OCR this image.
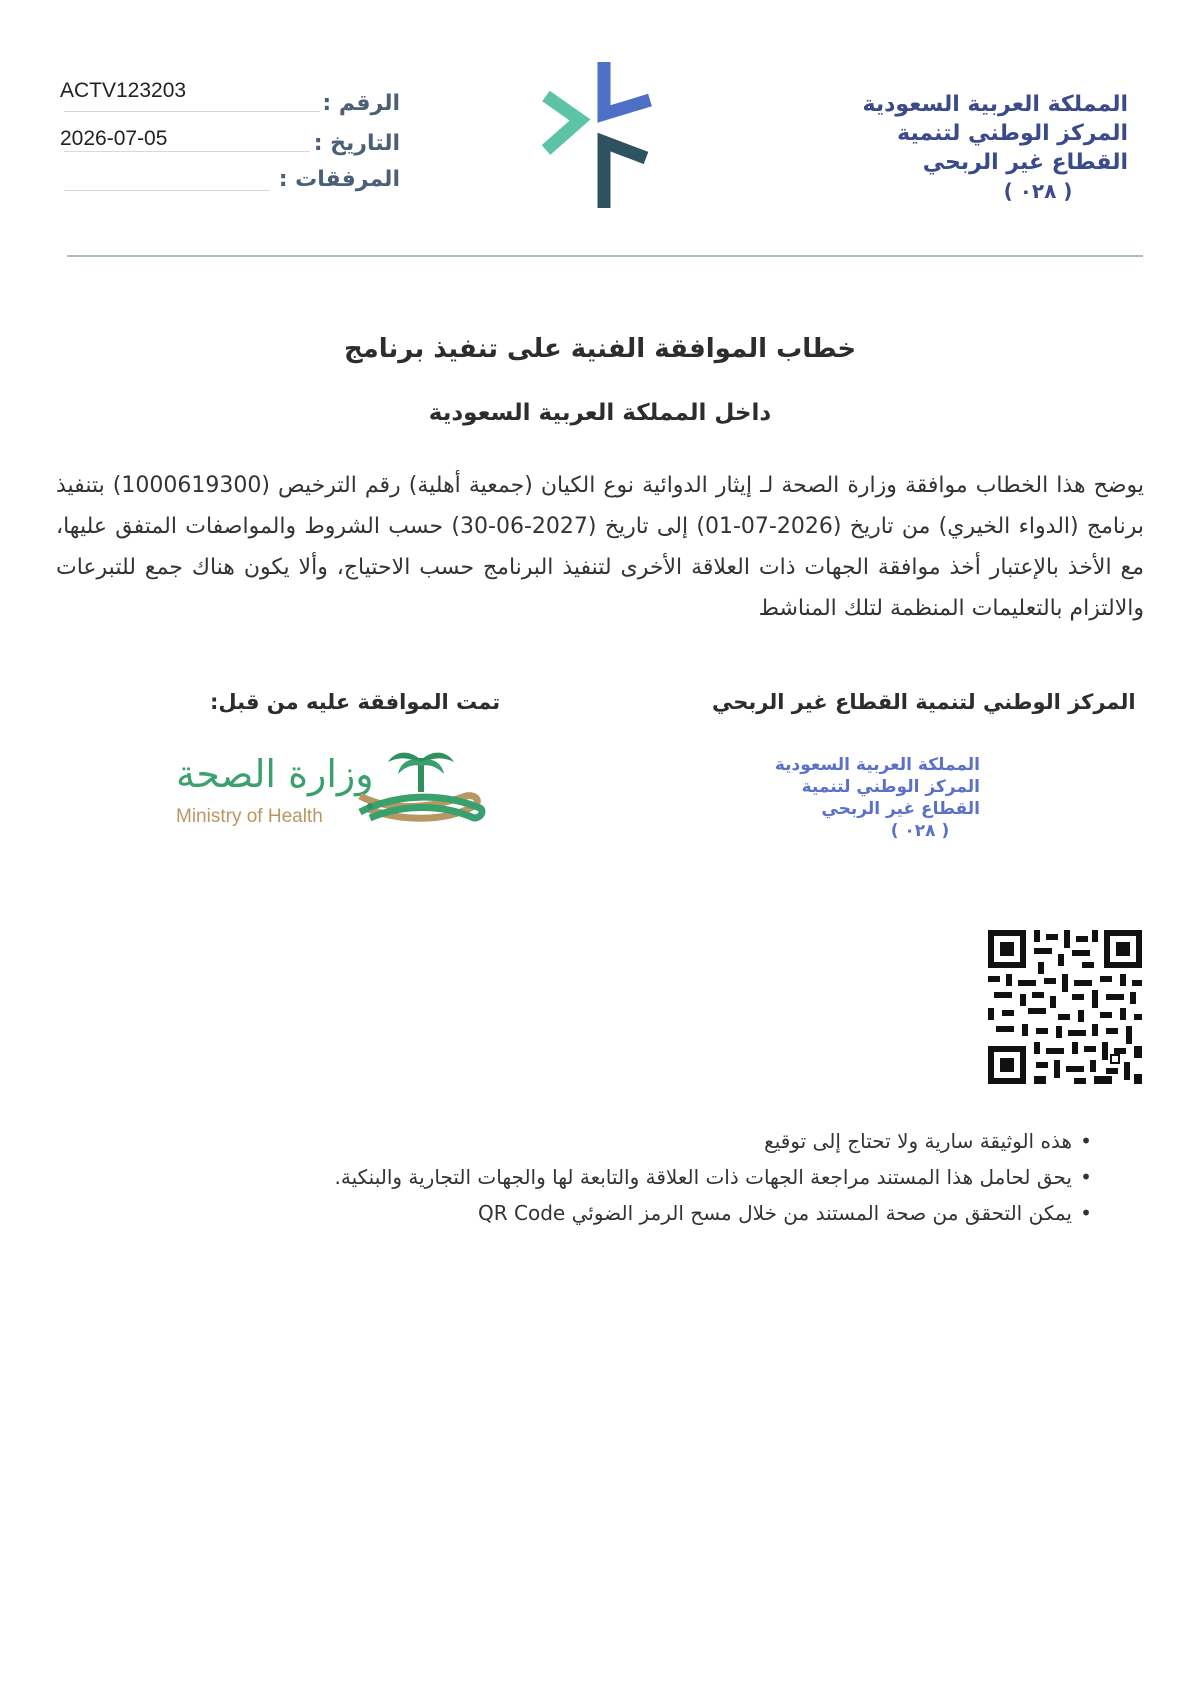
ACTV123203
الرقم :
2026-07-05	التاريخ :
المرفقات :
المملكة العربية السعودية
المركز الوطني لتنمية
القطاع غير الربحي
( ٠٢٨ )
خطاب الموافقة الفنية على تنفيذ برنامج
داخل المملكة العربية السعودية
يوضح هذا الخطاب موافقة وزارة الصحة لـ إيثار الدوائية نوع الكيان (جمعية أهلية) رقم الترخيص (1000619300) بتنفيذ برنامج (الدواء الخيري) من تاريخ (2026-07-01) إلى تاريخ (2027-06-30) حسب الشروط والمواصفات المتفق عليها، مع الأخذ بالإعتبار أخذ موافقة الجهات ذات العلاقة الأخرى لتنفيذ البرنامج حسب الاحتياج، وألا يكون هناك جمع للتبرعات والالتزام بالتعليمات المنظمة لتلك المناشط
تمت الموافقة عليه من قبل:	المركز الوطني لتنمية القطاع غير الربحي
وزارة الصحة
Ministry of Health
المملكة العربية السعودية
المركز الوطني لتنمية
القطاع غير الربحي
( ٠٢٨ )
•هذه الوثيقة سارية ولا تحتاج إلى توقيع
•يحق لحامل هذا المستند مراجعة الجهات ذات العلاقة والتابعة لها والجهات التجارية والبنكية.
•يمكن التحقق من صحة المستند من خلال مسح الرمز الضوئي QR Code
